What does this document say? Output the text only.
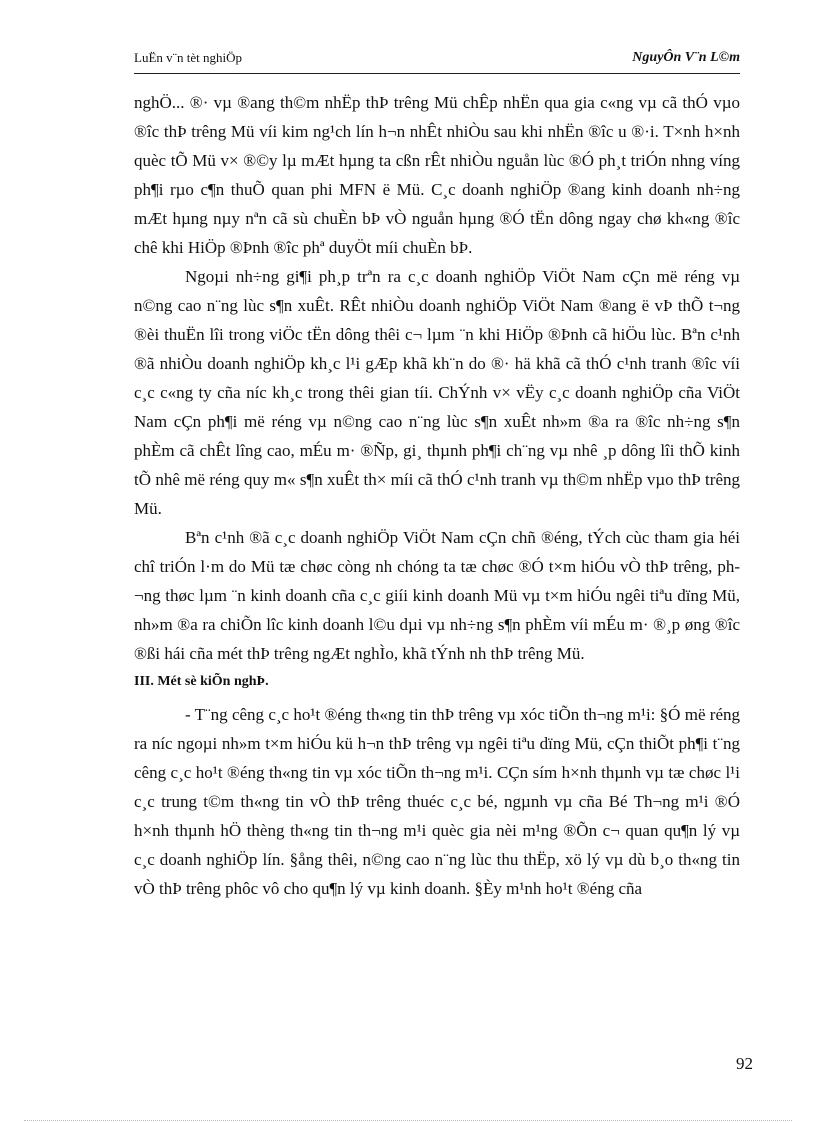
LuËn v¨n tèt nghiÖp	NguyÔn V¨n L©m

nghÖ... ®· vµ ®ang th©m nhËp thÞ trêng Mü chÊp nhËn qua gia c«ng vµ cã thÓ vµo ®îc thÞ trêng Mü víi kim ng¹ch lín h¬n nhÊt nhiÒu sau khi nhËn ®îc u ®·i. T×nh h×nh quèc tÕ Mü v× ®©y lµ mÆt hµng ta cßn rÊt nhiÒu nguån lùc ®Ó ph¸t triÓn nhng víng ph¶i rµo c¶n thuÕ quan phi MFN ë Mü. C¸c doanh nghiÖp ®ang kinh doanh nh÷ng mÆt hµng nµy nªn cã sù chuÈn bÞ vÒ nguån hµng ®Ó tËn dông ngay chø kh«ng ®îc chê khi HiÖp ®Þnh ®îc phª duyÖt míi chuÈn bÞ.

Ngoµi nh÷ng gi¶i ph¸p trªn ra c¸c doanh nghiÖp ViÖt Nam cÇn më réng vµ n©ng cao n¨ng lùc s¶n xuÊt. RÊt nhiÒu doanh nghiÖp ViÖt Nam ®ang ë vÞ thÕ t¬ng ®èi thuËn lîi trong viÖc tËn dông thêi c¬ lµm ¨n khi HiÖp ®Þnh cã hiÖu lùc. Bªn c¹nh ®ã nhiÒu doanh nghiÖp kh¸c l¹i gÆp khã kh¨n do ®· hä khã cã thÓ c¹nh tranh ®îc víi c¸c c«ng ty cña níc kh¸c trong thêi gian tíi. ChÝnh v× vËy c¸c doanh nghiÖp cña ViÖt Nam cÇn ph¶i më réng vµ n©ng cao n¨ng lùc s¶n xuÊt nh»m ®a ra ®îc nh÷ng s¶n phÈm cã chÊt lîng cao, mÉu m· ®Ñp, gi¸ thµnh ph¶i ch¨ng vµ nhê ¸p dông lîi thÕ kinh tÕ nhê më réng quy m« s¶n xuÊt th× míi cã thÓ c¹nh tranh vµ th©m nhËp vµo thÞ trêng Mü.

Bªn c¹nh ®ã c¸c doanh nghiÖp ViÖt Nam cÇn chñ ®éng, tÝch cùc tham gia héi chî triÓn l·m do Mü tæ chøc còng nh chóng ta tæ chøc ®Ó t×m hiÓu vÒ thÞ trêng, ph¬ng thøc lµm ¨n kinh doanh cña c¸c giíi kinh doanh Mü vµ t×m hiÓu ngêi tiªu dïng Mü, nh»m ®a ra chiÕn lîc kinh doanh l©u dµi vµ nh÷ng s¶n phÈm víi mÉu m· ®¸p øng ®îc ®ßi hái cña mét thÞ trêng ngÆt nghÌo, khã tÝnh nh thÞ trêng Mü.

III. Mét sè kiÕn nghÞ.

- T¨ng cêng c¸c ho¹t ®éng th«ng tin thÞ trêng vµ xóc tiÕn th¬ng m¹i: §Ó më réng ra níc ngoµi nh»m t×m hiÓu kü h¬n thÞ trêng vµ ngêi tiªu dïng Mü, cÇn thiÕt ph¶i t¨ng cêng c¸c ho¹t ®éng th«ng tin vµ xóc tiÕn th¬ng m¹i. CÇn sím h×nh thµnh vµ tæ chøc l¹i c¸c trung t©m th«ng tin vÒ thÞ trêng thuéc c¸c bé, ngµnh vµ cña Bé Th¬ng m¹i ®Ó h×nh thµnh hÖ thèng th«ng tin th¬ng m¹i quèc gia nèi m¹ng ®Õn c¬ quan qu¶n lý vµ c¸c doanh nghiÖp lín. §ång thêi, n©ng cao n¨ng lùc thu thËp, xö lý vµ dù b¸o th«ng tin vÒ thÞ trêng phôc vô cho qu¶n lý vµ kinh doanh. §Èy m¹nh ho¹t ®éng cña

92
